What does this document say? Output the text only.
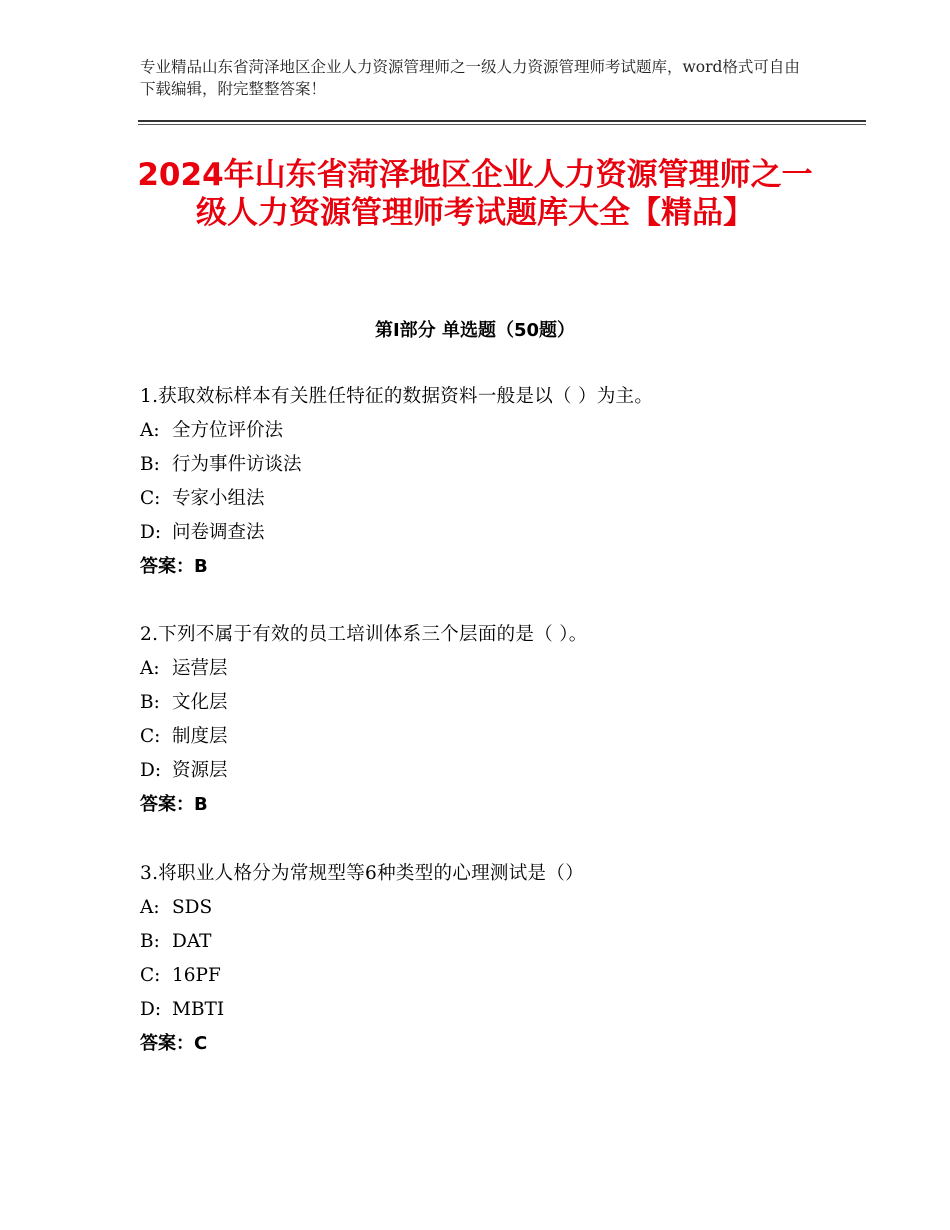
专业精品山东省菏泽地区企业人力资源管理师之一级人力资源管理师考试题库，word格式可自由下载编辑，附完整整答案！
2024年山东省菏泽地区企业人力资源管理师之一级人力资源管理师考试题库大全【精品】
第Ⅰ部分 单选题（50题）
1.获取效标样本有关胜任特征的数据资料一般是以（ ）为主。
A: 全方位评价法
B: 行为事件访谈法
C: 专家小组法
D: 问卷调查法
答案：B
2.下列不属于有效的员工培训体系三个层面的是（ ）。
A: 运营层
B: 文化层
C: 制度层
D: 资源层
答案：B
3.将职业人格分为常规型等6种类型的心理测试是（）
A: SDS
B: DAT
C: 16PF
D: MBTI
答案：C
